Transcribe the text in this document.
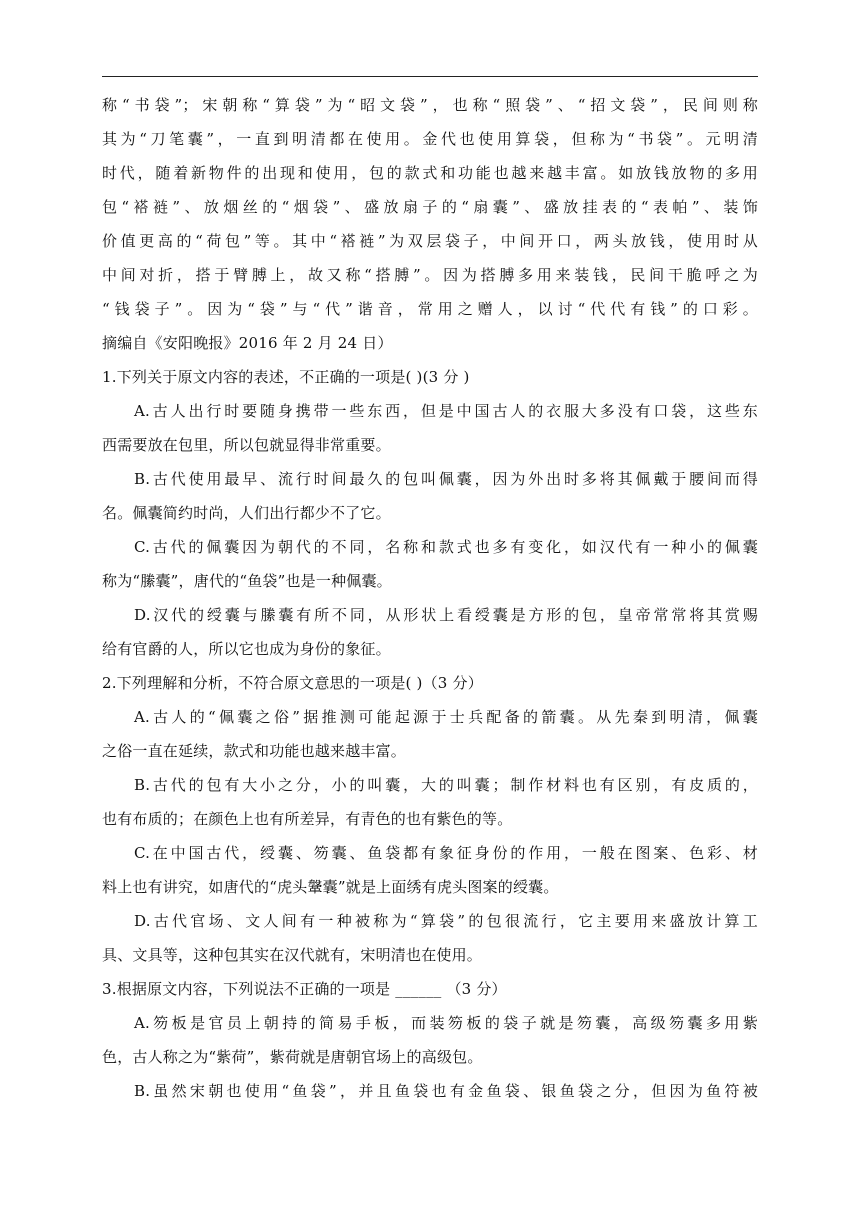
称“书袋”；宋朝称“算袋”为“昭文袋”，也称“照袋”、“招文袋”，民间则称

其为“刀笔囊”，一直到明清都在使用。金代也使用算袋，但称为“书袋”。元明清

时代，随着新物件的出现和使用，包的款式和功能也越来越丰富。如放钱放物的多用

包“褡裢”、放烟丝的“烟袋”、盛放扇子的“扇囊”、盛放挂表的“表帕”、装饰

价值更高的“荷包”等。其中“褡裢”为双层袋子，中间开口，两头放钱，使用时从

中间对折，搭于臂膊上，故又称“搭膊”。因为搭膊多用来装钱，民间干脆呼之为

“钱袋子”。因为“袋”与“代”谐音，常用之赠人，以讨“代代有钱”的口彩。

摘编自《安阳晚报》2016 年 2 月 24 日）

1.下列关于原文内容的表述，不正确的一项是( )(3 分 )

A.古人出行时要随身携带一些东西，但是中国古人的衣服大多没有口袋，这些东

西需要放在包里，所以包就显得非常重要。

B.古代使用最早、流行时间最久的包叫佩囊，因为外出时多将其佩戴于腰间而得

名。佩囊简约时尚，人们出行都少不了它。

C.古代的佩囊因为朝代的不同，名称和款式也多有变化，如汉代有一种小的佩囊

称为“縢囊”，唐代的“鱼袋”也是一种佩囊。

D.汉代的绶囊与縢囊有所不同，从形状上看绶囊是方形的包，皇帝常常将其赏赐

给有官爵的人，所以它也成为身份的象征。

2.下列理解和分析，不符合原文意思的一项是( )（3 分）

A.古人的“佩囊之俗”据推测可能起源于士兵配备的箭囊。从先秦到明清，佩囊

之俗一直在延续，款式和功能也越来越丰富。

B.古代的包有大小之分，小的叫囊，大的叫囊；制作材料也有区别，有皮质的，

也有布质的；在颜色上也有所差异，有青色的也有紫色的等。

C.在中国古代，绶囊、笏囊、鱼袋都有象征身份的作用，一般在图案、色彩、材

料上也有讲究，如唐代的“虎头鞶囊”就是上面绣有虎头图案的绶囊。

D.古代官场、文人间有一种被称为“算袋”的包很流行，它主要用来盛放计算工

具、文具等，这种包其实在汉代就有，宋明清也在使用。

3.根据原文内容，下列说法不正确的一项是 ______ （3 分）

A.笏板是官员上朝持的简易手板，而装笏板的袋子就是笏囊，高级笏囊多用紫

色，古人称之为“紫荷”，紫荷就是唐朝官场上的高级包。

B.虽然宋朝也使用“鱼袋”，并且鱼袋也有金鱼袋、银鱼袋之分，但因为鱼符被
